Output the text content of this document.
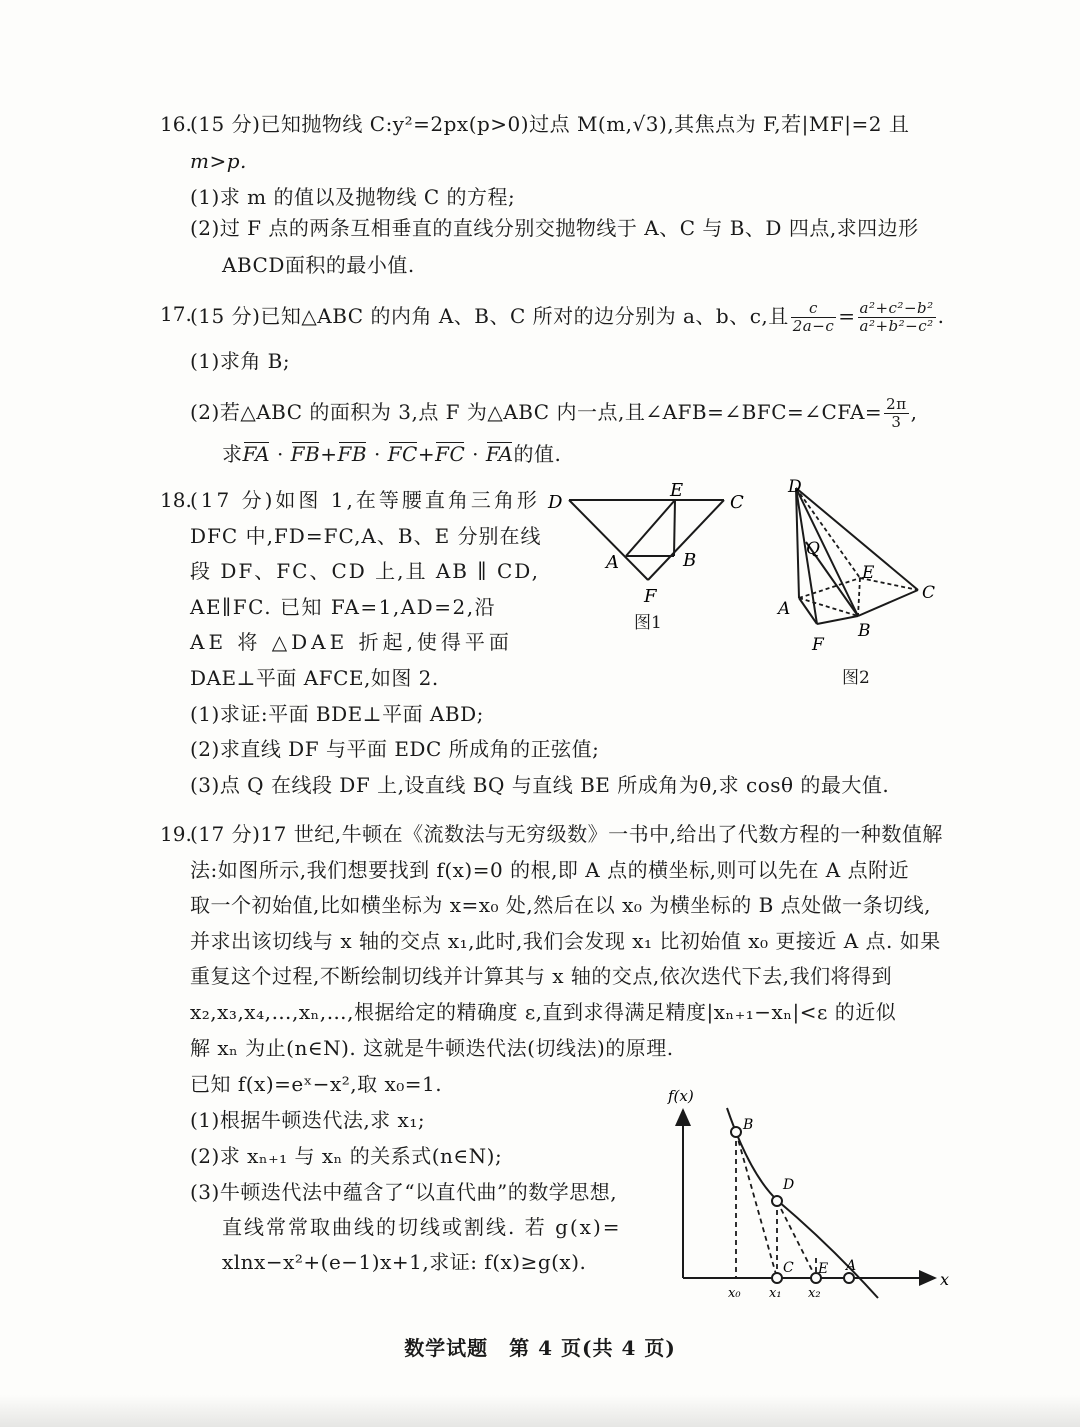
16.
(15 分)已知抛物线 C:y²=2px(p>0)过点 M(m,√3),其焦点为 F,若|MF|=2 且
m>p.
(1)求 m 的值以及抛物线 C 的方程;
(2)过 F 点的两条互相垂直的直线分别交抛物线于 A、C 与 B、D 四点,求四边形
ABCD面积的最小值.
17.
(15 分)已知△ABC 的内角 A、B、C 所对的边分别为 a、b、c,且 $\frac{c}{2a-c} = \frac{\text{a²+c²−b²}}{\text{a²+b²−c²}}$ .
(1)求角 B;
(2)若△ABC 的面积为 3,点 F 为△ABC 内一点,且∠AFB=∠BFC=∠CFA= $\frac{2\pi}{3}$ ,
求FA · FB+FB · FC+FC · FA的值.
18.
(17 分)如图 1,在等腰直角三角形
DFC 中,FD=FC,A、B、E 分别在线
段 DF、FC、CD 上,且 AB ∥ CD,
AE∥FC. 已知 FA=1,AD=2,沿
AE 将 △DAE 折起,使得平面
DAE⊥平面 AFCE,如图 2.
(1)求证:平面 BDE⊥平面 ABD;
(2)求直线 DF 与平面 EDC 所成角的正弦值;
(3)点 Q 在线段 DF 上,设直线 BQ 与直线 BE 所成角为θ,求 cosθ 的最大值.
D
E
C
A	B
F
图1
D
Q
E
C
A
B
F
图2
19.
(17 分)17 世纪,牛顿在《流数法与无穷级数》一书中,给出了代数方程的一种数值解
法:如图所示,我们想要找到 f(x)=0 的根,即 A 点的横坐标,则可以先在 A 点附近
取一个初始值,比如横坐标为 x=x₀ 处,然后在以 x₀ 为横坐标的 B 点处做一条切线,
并求出该切线与 x 轴的交点 x₁,此时,我们会发现 x₁ 比初始值 x₀ 更接近 A 点. 如果
重复这个过程,不断绘制切线并计算其与 x 轴的交点,依次迭代下去,我们将得到
x₂,x₃,x₄,…,xₙ,…,根据给定的精确度 ε,直到求得满足精度|xₙ₊₁−xₙ|<ε 的近似
解 xₙ 为止(n∈N). 这就是牛顿迭代法(切线法)的原理.
已知 f(x)=eˣ−x²,取 x₀=1.
(1)根据牛顿迭代法,求 x₁;
(2)求 xₙ₊₁ 与 xₙ 的关系式(n∈N);
(3)牛顿迭代法中蕴含了“以直代曲”的数学思想,
直线常常取曲线的切线或割线. 若 g(x)=
xlnx−x²+(e−1)x+1,求证: f(x)≥g(x).
f(x)
x
B
D
C E A
x₀ x₁ x₂
数学试题　第 4 页(共 4 页)
